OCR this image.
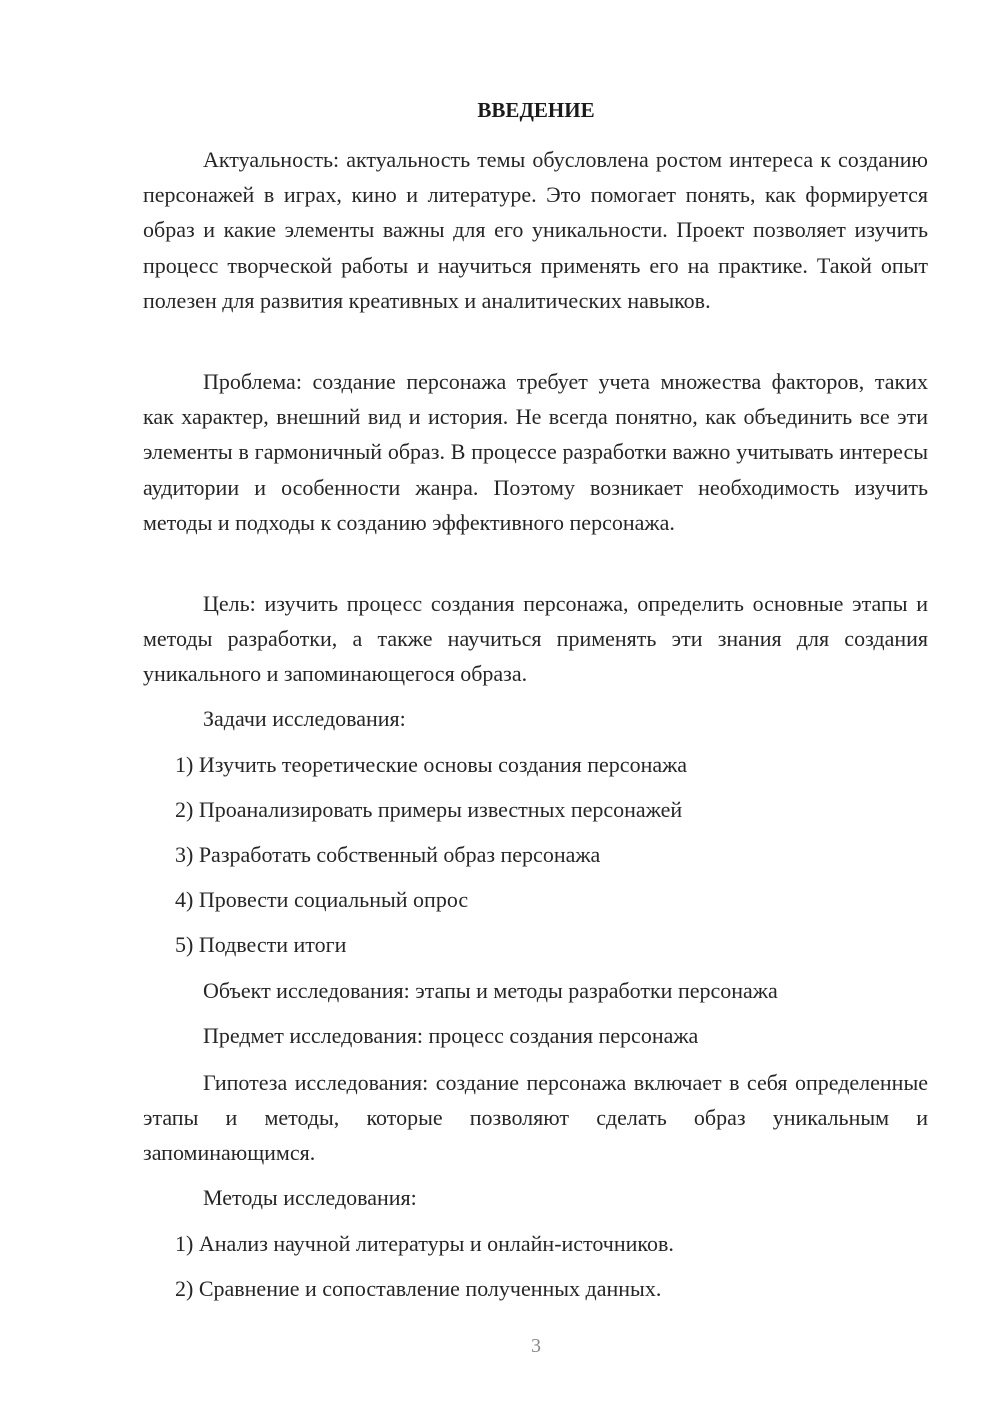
ВВЕДЕНИЕ
Актуальность: актуальность темы обусловлена ростом интереса к созданию персонажей в играх, кино и литературе. Это помогает понять, как формируется образ и какие элементы важны для его уникальности. Проект позволяет изучить процесс творческой работы и научиться применять его на практике. Такой опыт полезен для развития креативных и аналитических навыков.
Проблема: создание персонажа требует учета множества факторов, таких как характер, внешний вид и история. Не всегда понятно, как объединить все эти элементы в гармоничный образ. В процессе разработки важно учитывать интересы аудитории и особенности жанра. Поэтому возникает необходимость изучить методы и подходы к созданию эффективного персонажа.
Цель: изучить процесс создания персонажа, определить основные этапы и методы разработки, а также научиться применять эти знания для создания уникального и запоминающегося образа.
Задачи исследования:
1) Изучить теоретические основы создания персонажа
2) Проанализировать примеры известных персонажей
3) Разработать собственный образ персонажа
4) Провести социальный опрос
5) Подвести итоги
Объект исследования: этапы и методы разработки персонажа
Предмет исследования: процесс создания персонажа
Гипотеза исследования: создание персонажа включает в себя определенные этапы и методы, которые позволяют сделать образ уникальным и запоминающимся.
Методы исследования:
1) Анализ научной литературы и онлайн-источников.
2) Сравнение и сопоставление полученных данных.
3
